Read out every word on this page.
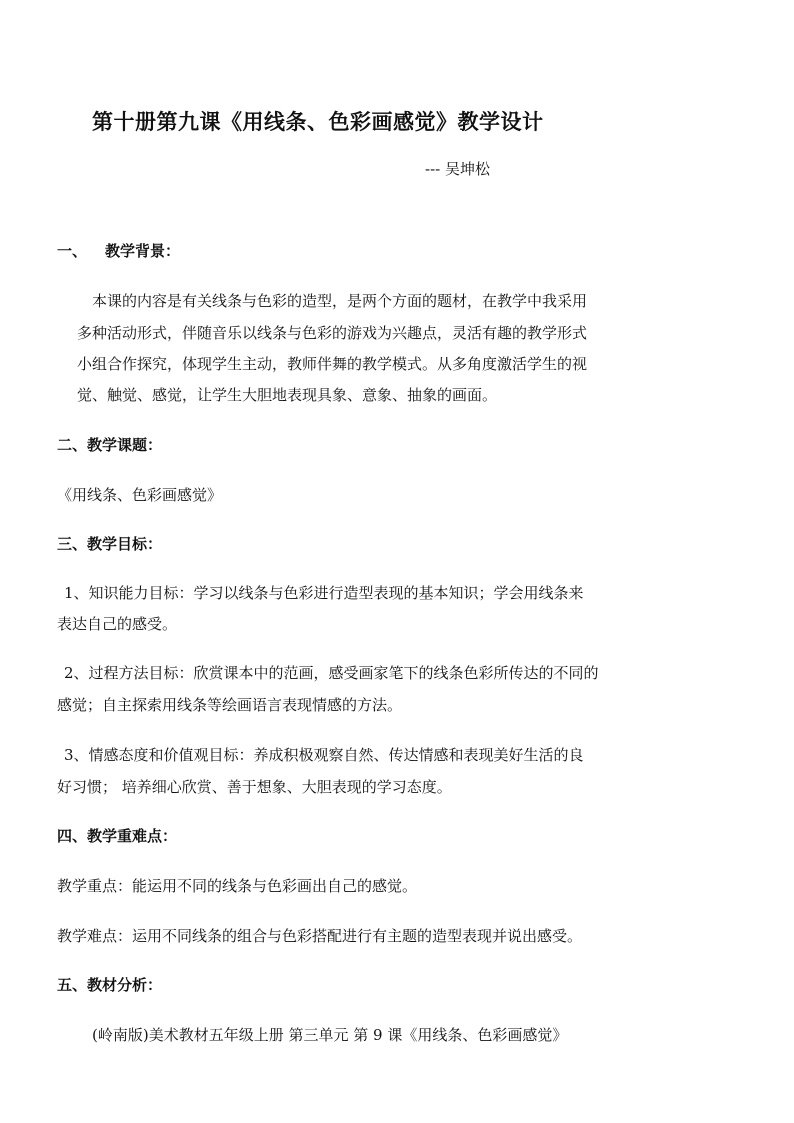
第十册第九课《用线条、色彩画感觉》教学设计
--- 吴坤松
一、 教学背景：
本课的内容是有关线条与色彩的造型，是两个方面的题材，在教学中我采用
多种活动形式，伴随音乐以线条与色彩的游戏为兴趣点，灵活有趣的教学形式
小组合作探究，体现学生主动，教师伴舞的教学模式。从多角度激活学生的视
觉、触觉、感觉，让学生大胆地表现具象、意象、抽象的画面。
二、教学课题：
《用线条、色彩画感觉》
三、教学目标：
1、知识能力目标：学习以线条与色彩进行造型表现的基本知识；学会用线条来
表达自己的感受。
2、过程方法目标：欣赏课本中的范画，感受画家笔下的线条色彩所传达的不同的
感觉；自主探索用线条等绘画语言表现情感的方法。
3、情感态度和价值观目标：养成积极观察自然、传达情感和表现美好生活的良
好习惯； 培养细心欣赏、善于想象、大胆表现的学习态度。
四、教学重难点：
教学重点：能运用不同的线条与色彩画出自己的感觉。
教学难点：运用不同线条的组合与色彩搭配进行有主题的造型表现并说出感受。
五、教材分析：
(岭南版)美术教材五年级上册 第三单元 第 9 课《用线条、色彩画感觉》
